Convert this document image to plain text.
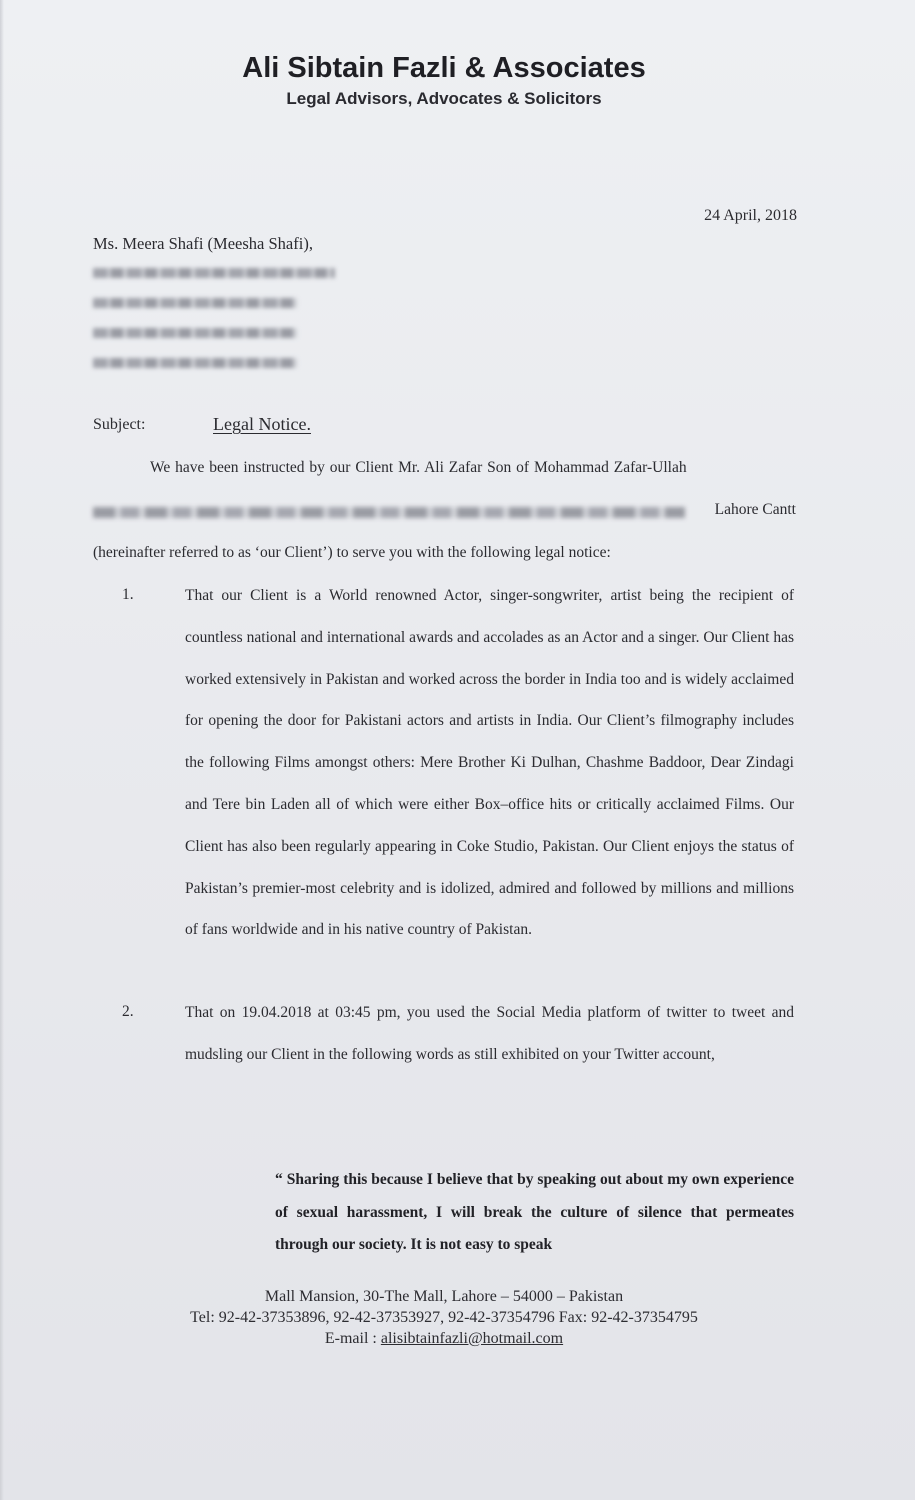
Ali Sibtain Fazli & Associates
Legal Advisors, Advocates & Solicitors
24 April, 2018
Ms. Meera Shafi (Meesha Shafi),
Subject:	Legal Notice.
We have been instructed by our Client Mr. Ali Zafar Son of Mohammad Zafar-Ullah
Lahore Cantt
(hereinafter referred to as ‘our Client’) to serve you with the following legal notice:
1.	That our Client is a World renowned Actor, singer-songwriter, artist being the recipient of countless national and international awards and accolades as an Actor and a singer. Our Client has worked extensively in Pakistan and worked across the border in India too and is widely acclaimed for opening the door for Pakistani actors and artists in India. Our Client’s filmography includes the following Films amongst others: Mere Brother Ki Dulhan, Chashme Baddoor, Dear Zindagi and Tere bin Laden all of which were either Box–office hits or critically acclaimed Films. Our Client has also been regularly appearing in Coke Studio, Pakistan. Our Client enjoys the status of Pakistan’s premier-most celebrity and is idolized, admired and followed by millions and millions of fans worldwide and in his native country of Pakistan.

2.	That on 19.04.2018 at 03:45 pm, you used the Social Media platform of twitter to tweet and mudsling our Client in the following words as still exhibited on your Twitter account,

“ Sharing this because I believe that by speaking out about my own experience of sexual harassment, I will break the culture of silence that permeates through our society. It is not easy to speak

Mall Mansion, 30-The Mall, Lahore – 54000 – Pakistan
Tel: 92-42-37353896, 92-42-37353927, 92-42-37354796 Fax: 92-42-37354795
E-mail : alisibtainfazli@hotmail.com
